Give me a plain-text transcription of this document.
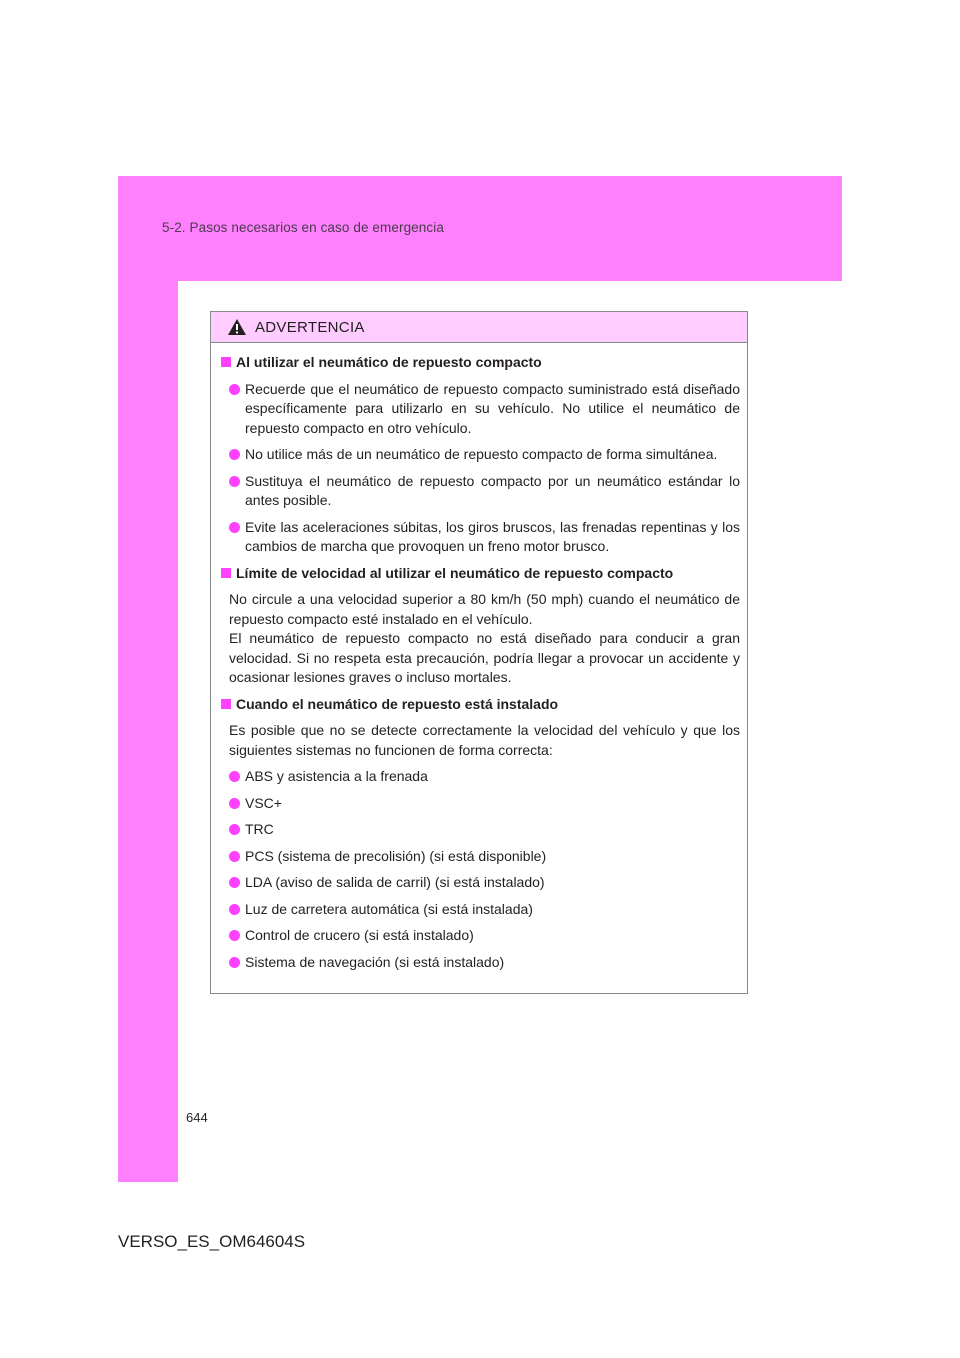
5-2. Pasos necesarios en caso de emergencia
ADVERTENCIA
Al utilizar el neumático de repuesto compacto
Recuerde que el neumático de repuesto compacto suministrado está diseñado específicamente para utilizarlo en su vehículo. No utilice el neumático de repuesto compacto en otro vehículo.
No utilice más de un neumático de repuesto compacto de forma simultánea.
Sustituya el neumático de repuesto compacto por un neumático estándar lo antes posible.
Evite las aceleraciones súbitas, los giros bruscos, las frenadas repentinas y los cambios de marcha que provoquen un freno motor brusco.
Límite de velocidad al utilizar el neumático de repuesto compacto
No circule a una velocidad superior a 80 km/h (50 mph) cuando el neumático de repuesto compacto esté instalado en el vehículo.
El neumático de repuesto compacto no está diseñado para conducir a gran velocidad. Si no respeta esta precaución, podría llegar a provocar un accidente y ocasionar lesiones graves o incluso mortales.
Cuando el neumático de repuesto está instalado
Es posible que no se detecte correctamente la velocidad del vehículo y que los siguientes sistemas no funcionen de forma correcta:
ABS y asistencia a la frenada
VSC+
TRC
PCS (sistema de precolisión) (si está disponible)
LDA (aviso de salida de carril) (si está instalado)
Luz de carretera automática (si está instalada)
Control de crucero (si está instalado)
Sistema de navegación (si está instalado)
644
VERSO_ES_OM64604S
